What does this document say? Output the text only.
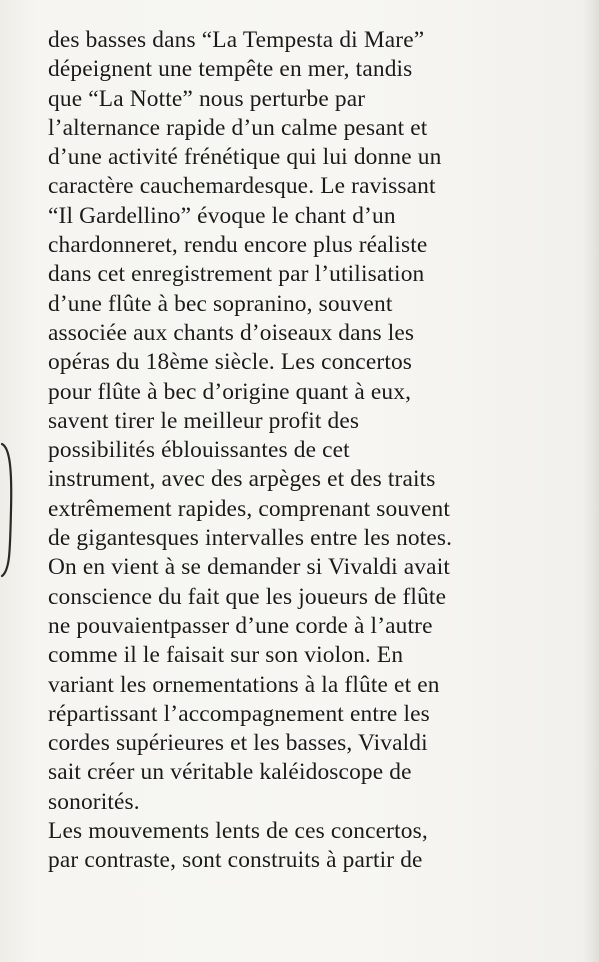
des basses dans “La Tempesta di Mare”
dépeignent une tempête en mer, tandis
que “La Notte” nous perturbe par
l’alternance rapide d’un calme pesant et
d’une activité frénétique qui lui donne un
caractère cauchemardesque. Le ravissant
“Il Gardellino” évoque le chant d’un
chardonneret, rendu encore plus réaliste
dans cet enregistrement par l’utilisation
d’une flûte à bec sopranino, souvent
associée aux chants d’oiseaux dans les
opéras du 18ème siècle. Les concertos
pour flûte à bec d’origine quant à eux,
savent tirer le meilleur profit des
possibilités éblouissantes de cet
instrument, avec des arpèges et des traits
extrêmement rapides, comprenant souvent
de gigantesques intervalles entre les notes.
On en vient à se demander si Vivaldi avait
conscience du fait que les joueurs de flûte
ne pouvaientpasser d’une corde à l’autre
comme il le faisait sur son violon. En
variant les ornementations à la flûte et en
répartissant l’accompagnement entre les
cordes supérieures et les basses, Vivaldi
sait créer un véritable kaléidoscope de
sonorités.
Les mouvements lents de ces concertos,
par contraste, sont construits à partir de
